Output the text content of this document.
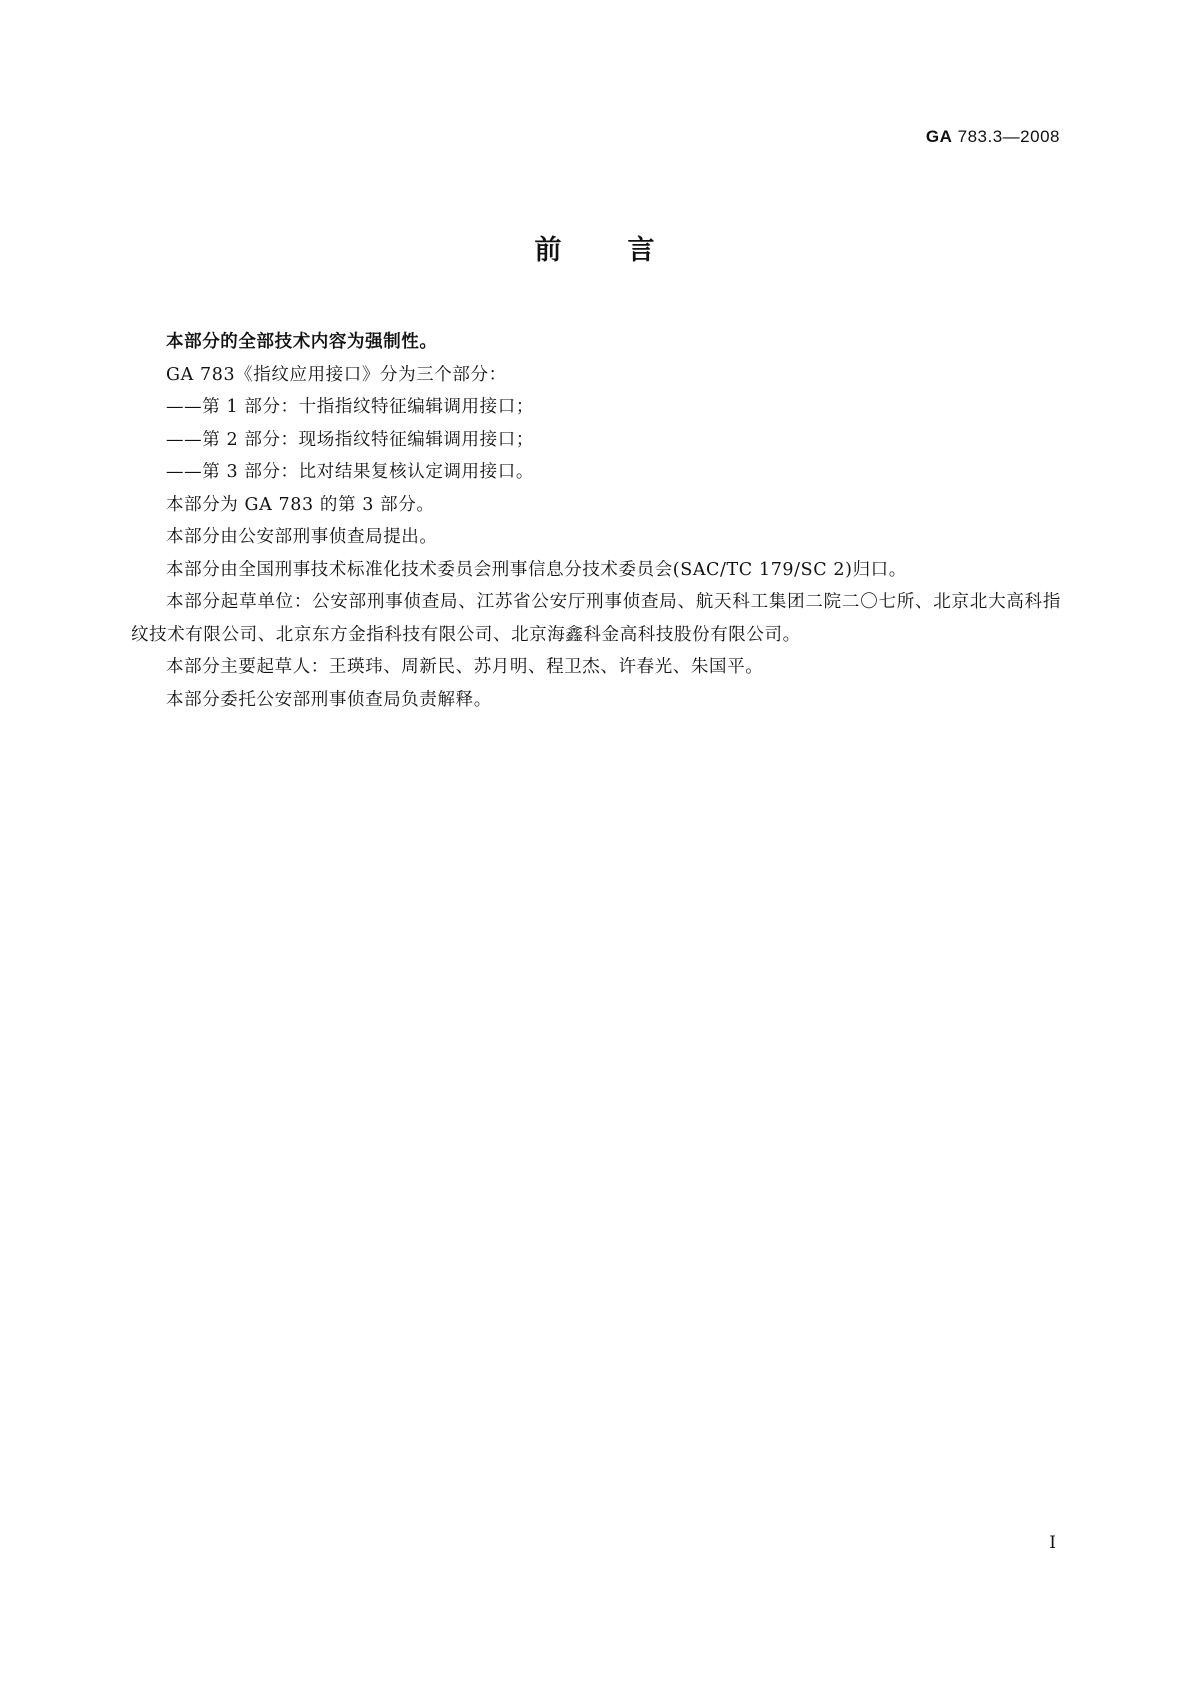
GA 783.3—2008
前 言

本部分的全部技术内容为强制性。

GA 783《指纹应用接口》分为三个部分：

——第 1 部分：十指指纹特征编辑调用接口；

——第 2 部分：现场指纹特征编辑调用接口；

——第 3 部分：比对结果复核认定调用接口。

本部分为 GA 783 的第 3 部分。

本部分由公安部刑事侦查局提出。

本部分由全国刑事技术标准化技术委员会刑事信息分技术委员会(SAC/TC 179/SC 2)归口。

本部分起草单位：公安部刑事侦查局、江苏省公安厅刑事侦查局、航天科工集团二院二〇七所、北京北大高科指纹技术有限公司、北京东方金指科技有限公司、北京海鑫科金高科技股份有限公司。

本部分主要起草人：王瑛玮、周新民、苏月明、程卫杰、许春光、朱国平。

本部分委托公安部刑事侦查局负责解释。

I
